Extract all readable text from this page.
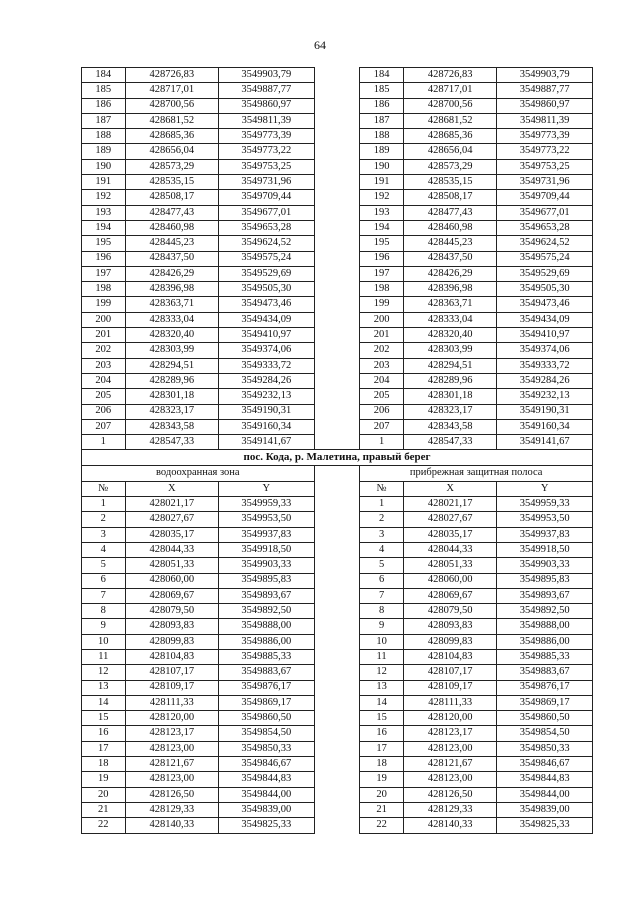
64
184	428726,83	3549903,79		184	428726,83	3549903,79
185	428717,01	3549887,77		185	428717,01	3549887,77
186	428700,56	3549860,97		186	428700,56	3549860,97
187	428681,52	3549811,39		187	428681,52	3549811,39
188	428685,36	3549773,39		188	428685,36	3549773,39
189	428656,04	3549773,22		189	428656,04	3549773,22
190	428573,29	3549753,25		190	428573,29	3549753,25
191	428535,15	3549731,96		191	428535,15	3549731,96
192	428508,17	3549709,44		192	428508,17	3549709,44
193	428477,43	3549677,01		193	428477,43	3549677,01
194	428460,98	3549653,28		194	428460,98	3549653,28
195	428445,23	3549624,52		195	428445,23	3549624,52
196	428437,50	3549575,24		196	428437,50	3549575,24
197	428426,29	3549529,69		197	428426,29	3549529,69
198	428396,98	3549505,30		198	428396,98	3549505,30
199	428363,71	3549473,46		199	428363,71	3549473,46
200	428333,04	3549434,09		200	428333,04	3549434,09
201	428320,40	3549410,97		201	428320,40	3549410,97
202	428303,99	3549374,06		202	428303,99	3549374,06
203	428294,51	3549333,72		203	428294,51	3549333,72
204	428289,96	3549284,26		204	428289,96	3549284,26
205	428301,18	3549232,13		205	428301,18	3549232,13
206	428323,17	3549190,31		206	428323,17	3549190,31
207	428343,58	3549160,34		207	428343,58	3549160,34
1	428547,33	3549141,67		1	428547,33	3549141,67
пос. Кода, р. Малетина, правый берег						
водоохранная зона				прибрежная защитная полоса		
№	X	Y		№	X	Y
1	428021,17	3549959,33		1	428021,17	3549959,33
2	428027,67	3549953,50		2	428027,67	3549953,50
3	428035,17	3549937,83		3	428035,17	3549937,83
4	428044,33	3549918,50		4	428044,33	3549918,50
5	428051,33	3549903,33		5	428051,33	3549903,33
6	428060,00	3549895,83		6	428060,00	3549895,83
7	428069,67	3549893,67		7	428069,67	3549893,67
8	428079,50	3549892,50		8	428079,50	3549892,50
9	428093,83	3549888,00		9	428093,83	3549888,00
10	428099,83	3549886,00		10	428099,83	3549886,00
11	428104,83	3549885,33		11	428104,83	3549885,33
12	428107,17	3549883,67		12	428107,17	3549883,67
13	428109,17	3549876,17		13	428109,17	3549876,17
14	428111,33	3549869,17		14	428111,33	3549869,17
15	428120,00	3549860,50		15	428120,00	3549860,50
16	428123,17	3549854,50		16	428123,17	3549854,50
17	428123,00	3549850,33		17	428123,00	3549850,33
18	428121,67	3549846,67		18	428121,67	3549846,67
19	428123,00	3549844,83		19	428123,00	3549844,83
20	428126,50	3549844,00		20	428126,50	3549844,00
21	428129,33	3549839,00		21	428129,33	3549839,00
22	428140,33	3549825,33		22	428140,33	3549825,33
